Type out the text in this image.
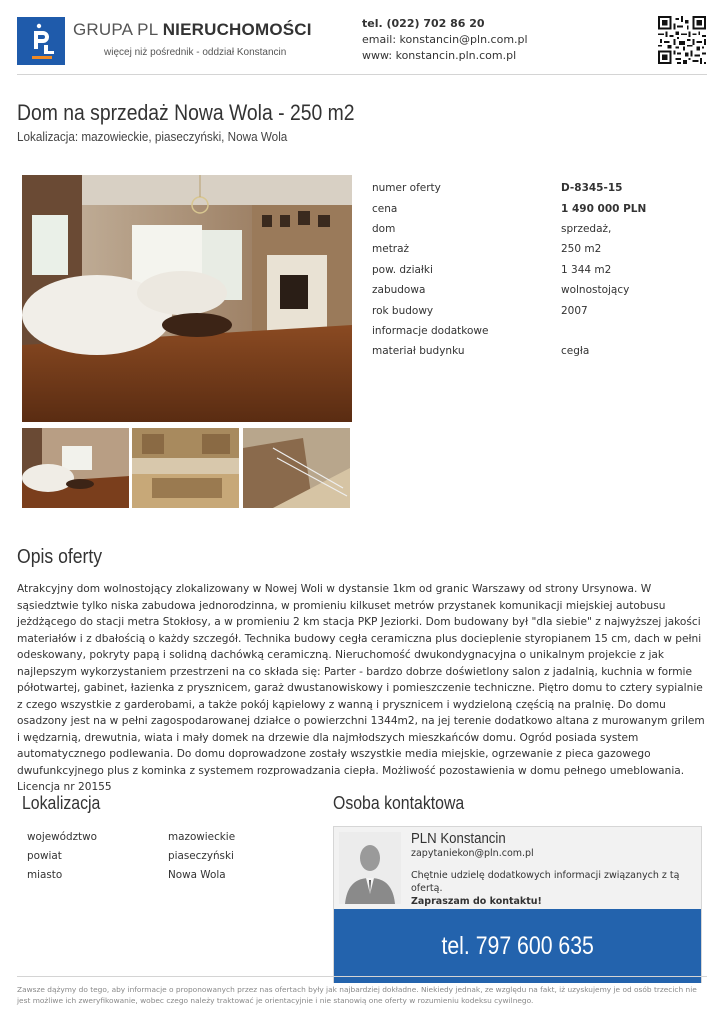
GRUPA PL NIERUCHOMOŚCI
więcej niż pośrednik - oddział Konstancin
tel. (022) 702 86 20
email: konstancin@pln.com.pl
www: konstancin.pln.com.pl
Dom na sprzedaż Nowa Wola - 250 m2
Lokalizacja: mazowieckie, piaseczyński, Nowa Wola
numer oferty	D-8345-15
cena	1 490 000 PLN
dom	sprzedaż,
metraż	250 m2
pow. działki	1 344 m2
zabudowa	wolnostojący
rok budowy	2007
informacje dodatkowe
materiał budynku	cegła
Opis oferty
Atrakcyjny dom wolnostojący zlokalizowany w Nowej Woli w dystansie 1km od granic Warszawy od strony Ursynowa. W sąsiedztwie tylko niska zabudowa jednorodzinna, w promieniu kilkuset metrów przystanek komunikacji miejskiej autobusu jeżdżącego do stacji metra Stokłosy, a w promieniu 2 km stacja PKP Jeziorki. Dom budowany był "dla siebie" z najwyższej jakości materiałów i z dbałością o każdy szczegół. Technika budowy cegła ceramiczna plus docieplenie styropianem 15 cm, dach w pełni odeskowany, pokryty papą i solidną dachówką ceramiczną. Nieruchomość dwukondygnacyjna o unikalnym projekcie z jak najlepszym wykorzystaniem przestrzeni na co składa się: Parter - bardzo dobrze doświetlony salon z jadalnią, kuchnia w formie półotwartej, gabinet, łazienka z prysznicem, garaż dwustanowiskowy i pomieszczenie techniczne. Piętro domu to cztery sypialnie z czego wszystkie z garderobami, a także pokój kąpielowy z wanną i prysznicem i wydzieloną częścią na pralnię. Do domu osadzony jest na w pełni zagospodarowanej działce o powierzchni 1344m2, na jej terenie dodatkowo altana z murowanym grilem i wędzarnią, drewutnia, wiata i mały domek na drzewie dla najmłodszych mieszkańców domu. Ogród posiada system automatycznego podlewania. Do domu doprowadzone zostały wszystkie media miejskie, ogrzewanie z pieca gazowego dwufunkcyjnego plus z kominka z systemem rozprowadzania ciepła. Możliwość pozostawienia w domu pełnego umeblowania. Licencja nr 20155
Lokalizacja
województwo	mazowieckie
powiat	piaseczyński
miasto	Nowa Wola
Osoba kontaktowa
PLN Konstancin
zapytaniekon@pln.com.pl
Chętnie udzielę dodatkowych informacji związanych z tą ofertą.
Zapraszam do kontaktu!
tel. 797 600 635
Zawsze dążymy do tego, aby informacje o proponowanych przez nas ofertach były jak najbardziej dokładne. Niekiedy jednak, ze względu na fakt, iż uzyskujemy je od osób trzecich nie jest możliwe ich zweryfikowanie, wobec czego należy traktować je orientacyjnie i nie stanowią one oferty w rozumieniu kodeksu cywilnego.
